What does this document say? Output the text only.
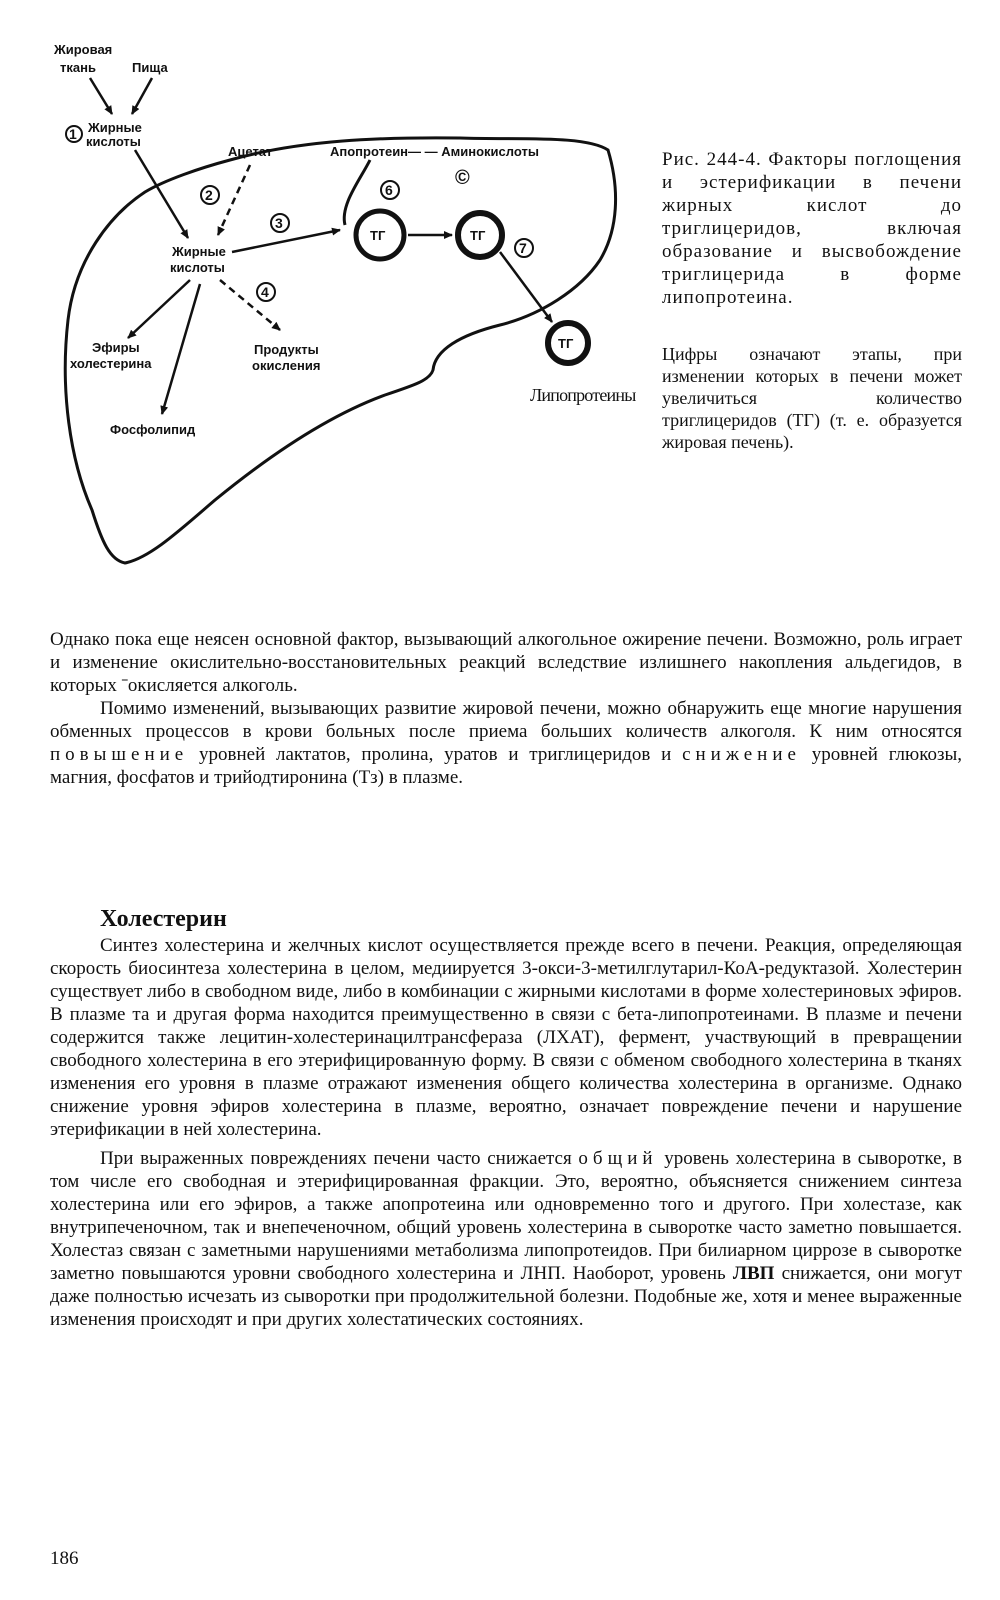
Жировая
ткань	Пища
1 Жирные
кислоты
Ацетат
2
Апопротеин— — Аминокислоты
©
Жирные
кислоты
3
4
Продукты
окисления
Эфиры
холестерина
Фосфолипид
ТГ
6
ТГ
7
ТГ
Липопротеины
Рис. 244-4. Факторы поглощения и эстерификации в печени жирных кислот до триглицеридов, включая образование и высвобождение триглицерида в форме липопротеина.
Цифры означают этапы, при изменении которых в печени может увеличиться количество триглицеридов (ТГ) (т. е. образуется жировая печень).

Однако пока еще неясен основной фактор, вызывающий алкогольное ожирение печени. Возможно, роль играет и изменение окислительно-восстановительных реакций вследствие излишнего накопления альдегидов, в которых ˉокисляется алкоголь.

Помимо изменений, вызывающих развитие жировой печени, можно обнаружить еще многие нарушения обменных процессов в крови больных после приема больших количеств алкоголя. К ним относятся повышение уровней лактатов, пролина, уратов и триглицеридов и снижение уровней глюкозы, магния, фосфатов и трийодтиронина (Тз) в плазме.

Холестерин

Синтез холестерина и желчных кислот осуществляется прежде всего в печени. Реакция, определяющая скорость биосинтеза холестерина в целом, медиируется 3-окси-3-метилглутарил-КоА-редуктазой. Холестерин существует либо в свободном виде, либо в комбинации с жирными кислотами в форме холестериновых эфиров. В плазме та и другая форма находится преимущественно в связи с бета-липопротеинами. В плазме и печени содержится также лецитин-холестеринацилтрансфераза (ЛХАТ), фермент, участвующий в превращении свободного холестерина в его этерифицированную форму. В связи с обменом свободного холестерина в тканях изменения его уровня в плазме отражают изменения общего количества холестерина в организме. Однако снижение уровня эфиров холестерина в плазме, вероятно, означает повреждение печени и нарушение этерификации в ней холестерина.

При выраженных повреждениях печени часто снижается общий уровень холестерина в сыворотке, в том числе его свободная и этерифицированная фракции. Это, вероятно, объясняется снижением синтеза холестерина или его эфиров, а также апопротеина или одновременно того и другого. При холестазе, как внутрипеченочном, так и внепеченочном, общий уровень холестерина в сыворотке часто заметно повышается. Холестаз связан с заметными нарушениями метаболизма липопротеидов. При билиарном циррозе в сыворотке заметно повышаются уровни свободного холестерина и ЛНП. Наоборот, уровень ЛВП снижается, они могут даже полностью исчезать из сыворотки при продолжительной болезни. Подобные же, хотя и менее выраженные изменения происходят и при других холестатических состояниях.

186
